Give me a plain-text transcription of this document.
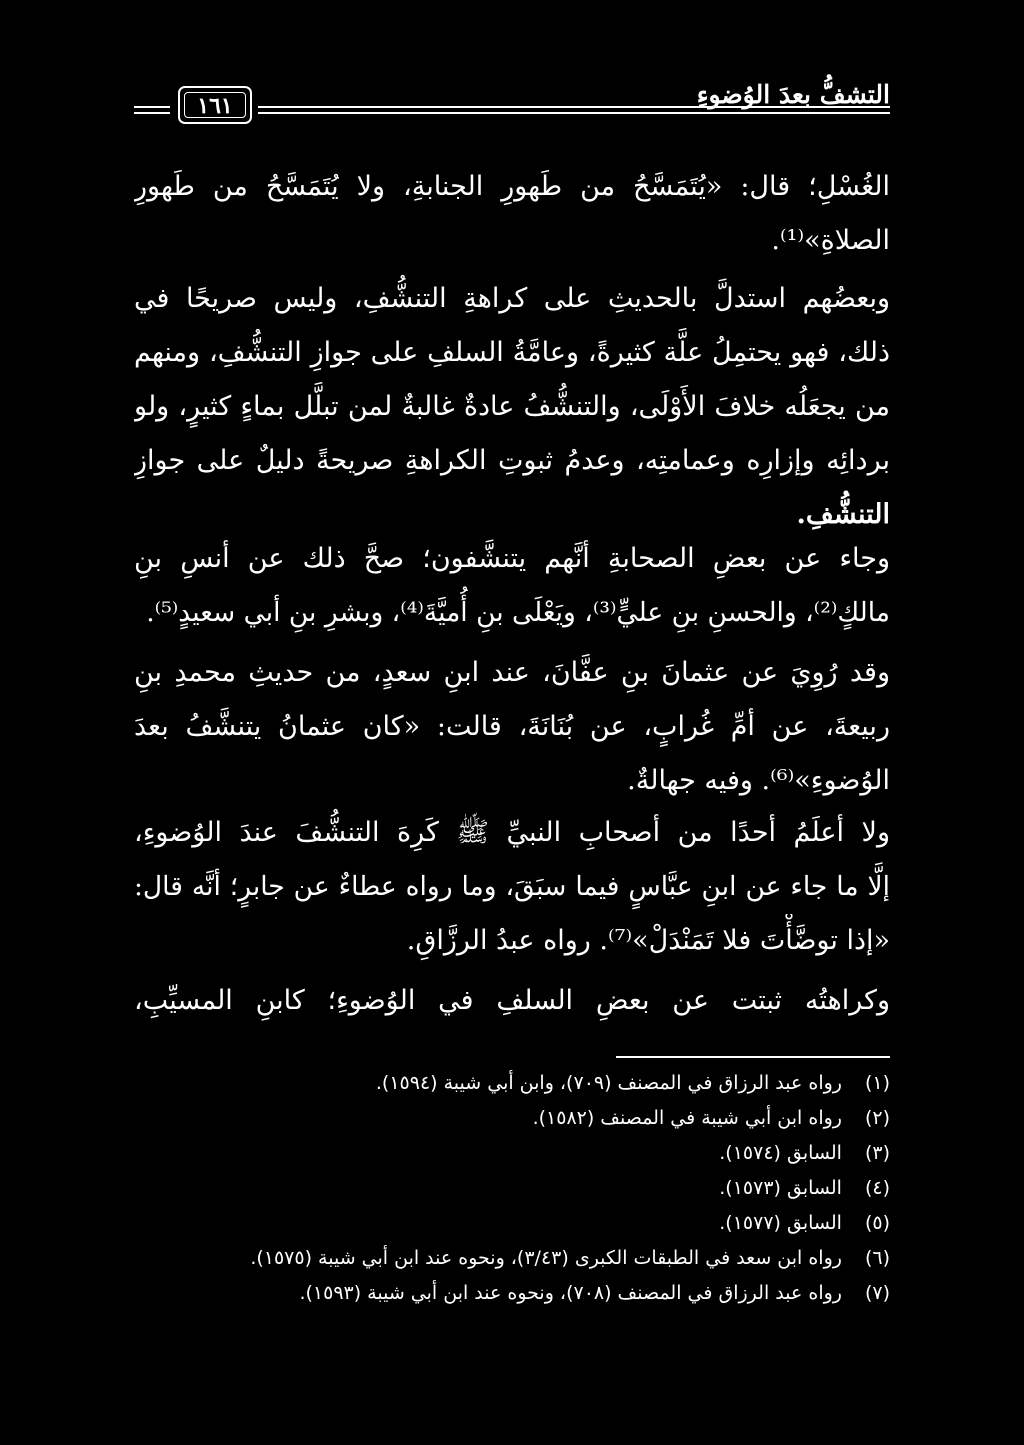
١٦١	التشفُّ بعدَ الوُضوءِ
الغُسْلِ؛ قال: «يُتَمَسَّحُ من طَهورِ الجنابةِ، ولا يُتَمَسَّحُ من طَهورِ
الصلاةِ»⁽¹⁾.
وبعضُهم استدلَّ بالحديثِ على كراهةِ التنشُّفِ، وليس صريحًا في
ذلك، فهو يحتمِلُ علَّة كثيرةً، وعامَّةُ السلفِ على جوازِ التنشُّفِ، ومنهم
من يجعَلُه خلافَ الأَوْلَى، والتنشُّفُ عادةٌ غالبةٌ لمن تبلَّل بماءٍ كثيرٍ، ولو
بردائِه وإزارِه وعمامتِه، وعدمُ ثبوتِ الكراهةِ صريحةً دليلٌ على جوازِ
التنشُّفِ.
وجاء عن بعضِ الصحابةِ أنَّهم يتنشَّفون؛ صحَّ ذلك عن أنسِ بنِ
مالكٍ⁽²⁾، والحسنِ بنِ عليٍّ⁽³⁾، ويَعْلَى بنِ أُميَّةَ⁽⁴⁾، وبشرِ بنِ أبي سعيدٍ⁽⁵⁾.
وقد رُوِيَ عن عثمانَ بنِ عفَّانَ، عند ابنِ سعدٍ، من حديثِ محمدِ بنِ
ربيعةَ، عن أمِّ غُرابٍ، عن بُنَانَةَ، قالت: «كان عثمانُ يتنشَّفُ بعدَ
الوُضوءِ»⁽⁶⁾. وفيه جهالةٌ.
ولا أعلَمُ أحدًا من أصحابِ النبيِّ ﷺ كَرِهَ التنشُّفَ عندَ الوُضوءِ،
إلَّا ما جاء عن ابنِ عبَّاسٍ فيما سبَقَ، وما رواه عطاءٌ عن جابرٍ؛ أنَّه قال:
«إذا توضَّأْتَ فلا تَمَنْدَلْ»⁽⁷⁾. رواه عبدُ الرزَّاقِ.
وكراهتُه ثبتت عن بعضِ السلفِ في الوُضوءِ؛ كابنِ المسيِّبِ،
(١) رواه عبد الرزاق في المصنف (٧٠٩)، وابن أبي شيبة (١٥٩٤).
(٢) رواه ابن أبي شيبة في المصنف (١٥٨٢).
(٣) السابق (١٥٧٤).
(٤) السابق (١٥٧٣).
(٥) السابق (١٥٧٧).
(٦) رواه ابن سعد في الطبقات الكبرى (٣/٤٣)، ونحوه عند ابن أبي شيبة (١٥٧٥).
(٧) رواه عبد الرزاق في المصنف (٧٠٨)، ونحوه عند ابن أبي شيبة (١٥٩٣).
